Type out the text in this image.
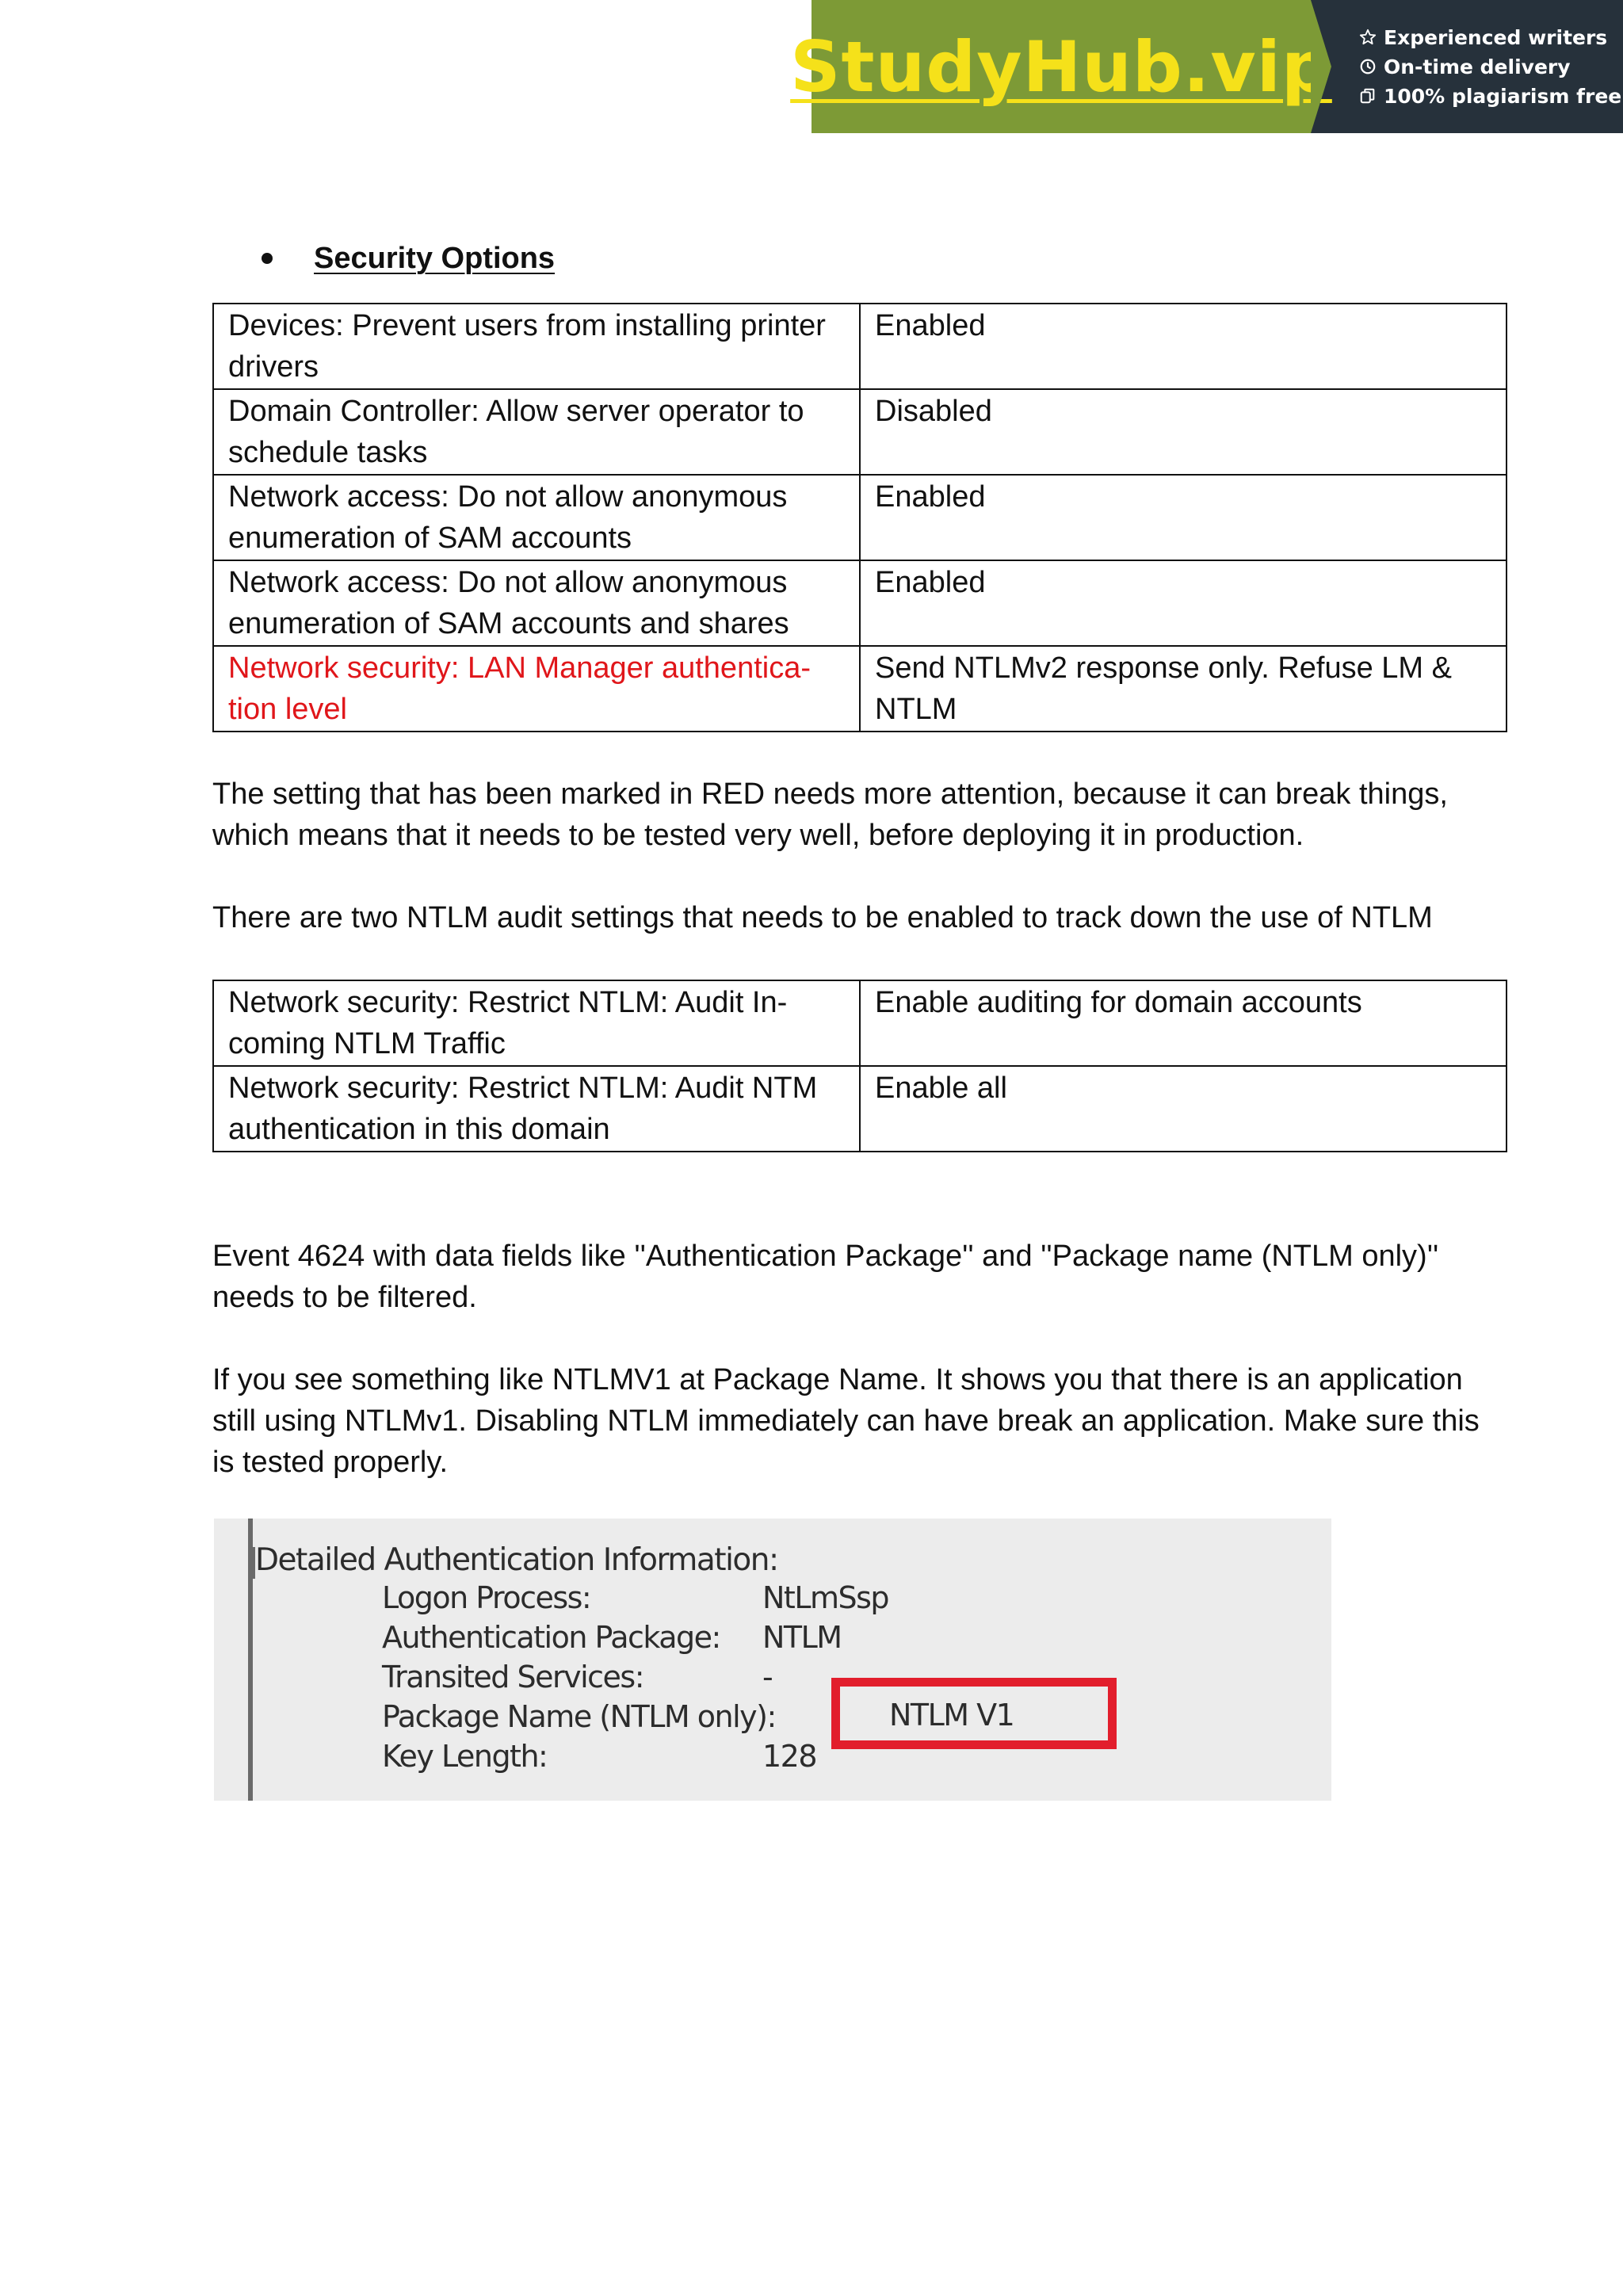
StudyHub.vip	Experienced writers
On-time delivery
100% plagiarism free
Security Options
Devices: Prevent users from installing printer drivers	Enabled
Domain Controller: Allow server operator to schedule tasks	Disabled
Network access: Do not allow anonymous enumeration of SAM accounts	Enabled
Network access: Do not allow anonymous enumeration of SAM accounts and shares	Enabled
Network security: LAN Manager authentica-tion level	Send NTLMv2 response only. Refuse LM & NTLM

The setting that has been marked in RED needs more attention, because it can break things, which means that it needs to be tested very well, before deploying it in production.

There are two NTLM audit settings that needs to be enabled to track down the use of NTLM

Network security: Restrict NTLM: Audit In-coming NTLM Traffic	Enable auditing for domain accounts
Network security: Restrict NTLM: Audit NTM authentication in this domain	Enable all

Event 4624 with data fields like ''Authentication Package'' and ''Package name (NTLM only)'' needs to be filtered.

If you see something like NTLMV1 at Package Name. It shows you that there is an application still using NTLMv1. Disabling NTLM immediately can have break an application. Make sure this is tested properly.

Detailed Authentication Information:
Logon Process:	NtLmSsp
Authentication Package: NTLM
Transited Services:	-
Package Name (NTLM only):	NTLM V1
Key Length:	128
